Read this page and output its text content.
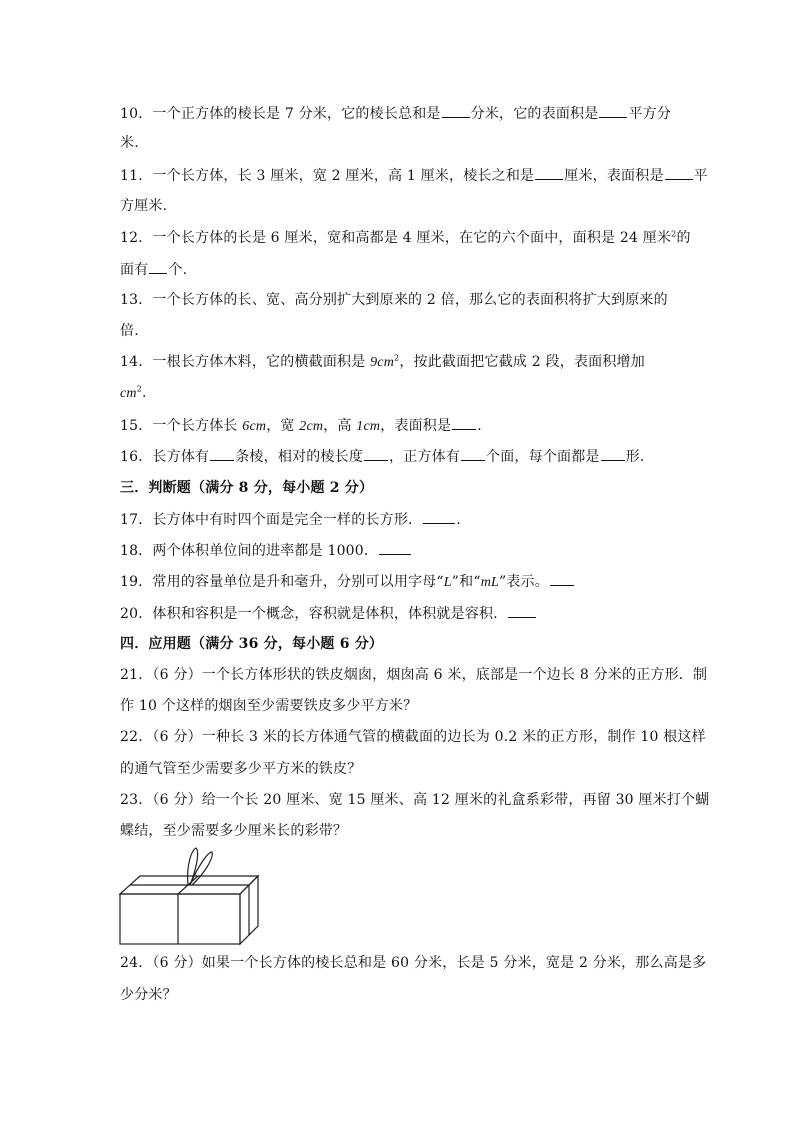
10．一个正方体的棱长是 7 分米，它的棱长总和是 分米，它的表面积是 平方分
米.
11．一个长方体，长 3 厘米，宽 2 厘米，高 1 厘米，棱长之和是 厘米，表面积是 平
方厘米.
12．一个长方体的长是 6 厘米，宽和高都是 4 厘米，在它的六个面中，面积是 24 厘米$^2$的
面有 个.
13．一个长方体的长、宽、高分别扩大到原来的 2 倍，那么它的表面积将扩大到原来的
倍.
14．一根长方体木料，它的横截面积是 $9cm^2$，按此截面把它截成 2 段，表面积增加
$cm^2$.
15．一个长方体长 6cm，宽 2cm，高 1cm，表面积是 .
16．长方体有 条棱，相对的棱长度 ，正方体有 个面，每个面都是 形.
三．判断题（满分 8 分，每小题 2 分）
17．长方体中有时四个面是完全一样的长方形． .
18．两个体积单位间的进率都是 1000．
19．常用的容量单位是升和毫升，分别可以用字母“L”和“mL”表示。
20．体积和容积是一个概念，容积就是体积，体积就是容积．
四．应用题（满分 36 分，每小题 6 分）
21．（6 分）一个长方体形状的铁皮烟囱，烟囱高 6 米，底部是一个边长 8 分米的正方形．制
作 10 个这样的烟囱至少需要铁皮多少平方米？
22．（6 分）一种长 3 米的长方体通气管的横截面的边长为 0.2 米的正方形，制作 10 根这样
的通气管至少需要多少平方米的铁皮？
23．（6 分）给一个长 20 厘米、宽 15 厘米、高 12 厘米的礼盒系彩带，再留 30 厘米打个蝴
蝶结，至少需要多少厘米长的彩带？
24．（6 分）如果一个长方体的棱长总和是 60 分米，长是 5 分米，宽是 2 分米，那么高是多
少分米？
